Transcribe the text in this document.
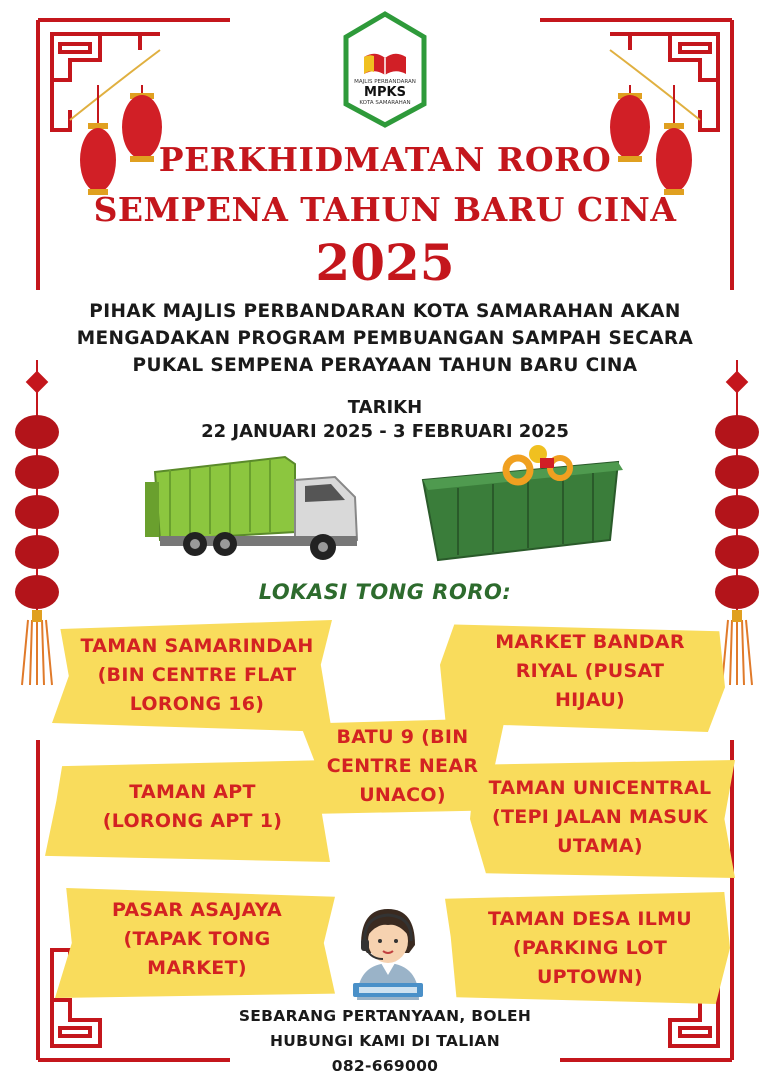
MAJLIS PERBANDARAN
MPKS
KOTA SAMARAHAN
PERKHIDMATAN RORO
SEMPENA TAHUN BARU CINA
2025
PIHAK MAJLIS PERBANDARAN KOTA SAMARAHAN AKAN
MENGADAKAN PROGRAM PEMBUANGAN SAMPAH SECARA
PUKAL SEMPENA PERAYAAN TAHUN BARU CINA
TARIKH
22 JANUARI 2025 - 3 FEBRUARI 2025
LOKASI TONG RORO:
TAMAN SAMARINDAH
(BIN CENTRE FLAT
LORONG 16)
MARKET BANDAR
RIYAL (PUSAT
HIJAU)
BATU 9 (BIN
CENTRE NEAR
UNACO)
TAMAN APT
(LORONG APT 1)
TAMAN UNICENTRAL
(TEPI JALAN MASUK
UTAMA)
PASAR ASAJAYA
(TAPAK TONG
MARKET)
TAMAN DESA ILMU
(PARKING LOT
UPTOWN)
SEBARANG PERTANYAAN, BOLEH
HUBUNGI KAMI DI TALIAN
082-669000
